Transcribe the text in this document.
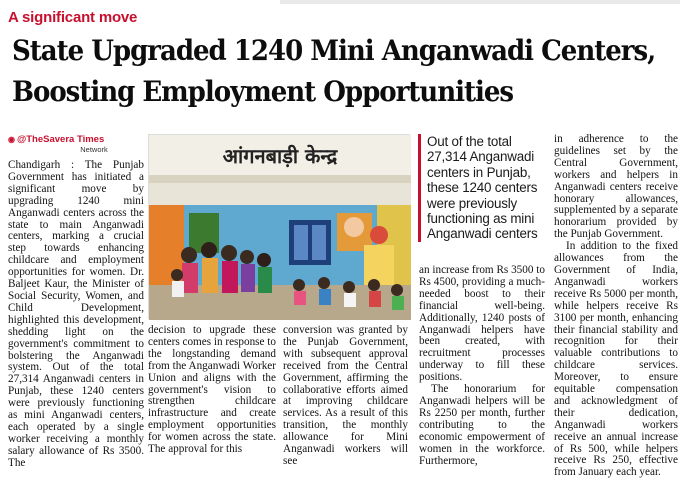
A significant move
State Upgraded 1240 Mini Anganwadi Centers,
Boosting Employment Opportunities
◉ @TheSavera Times
Network

Chandigarh : The Punjab Government has initiated a significant move by upgrading 1240 mini Anganwadi centers across the state to main Anganwadi centers, marking a crucial step towards enhancing childcare and employment opportunities for women. Dr. Baljeet Kaur, the Minister of Social Security, Women, and Child Development, highlighted this development, shedding light on the government's commitment to bolstering the Anganwadi system. Out of the total 27,314 Anganwadi centers in Punjab, these 1240 centers were previously functioning as mini Anganwadi centers, each operated by a single worker receiving a monthly salary allowance of Rs 3500. The

आंगनबाड़ी केन्द्र

Out of the total 27,314 Anganwadi centers in Punjab, these 1240 centers were previously functioning as mini Anganwadi centers

decision to upgrade these centers comes in response to the longstanding demand from the Anganwadi Worker Union and aligns with the government's vision to strengthen childcare infrastructure and create employment opportunities for women across the state. The approval for this

conversion was granted by the Punjab Government, with subsequent approval received from the Central Government, affirming the collaborative efforts aimed at improving childcare services. As a result of this transition, the monthly allowance for Mini Anganwadi workers will see

an increase from Rs 3500 to Rs 4500, providing a much-needed boost to their financial well-being. Additionally, 1240 posts of Anganwadi helpers have been created, with recruitment processes underway to fill these positions.

The honorarium for Anganwadi helpers will be Rs 2250 per month, further contributing to the economic empowerment of women in the workforce. Furthermore,

in adherence to the guidelines set by the Central Government, workers and helpers in Anganwadi centers receive honorary allowances, supplemented by a separate honorarium provided by the Punjab Government.

In addition to the fixed allowances from the Government of India, Anganwadi workers receive Rs 5000 per month, while helpers receive Rs 3100 per month, enhancing their financial stability and recognition for their valuable contributions to childcare services. Moreover, to ensure equitable compensation and acknowledgment of their dedication, Anganwadi workers receive an annual increase of Rs 500, while helpers receive Rs 250, effective from January each year.
